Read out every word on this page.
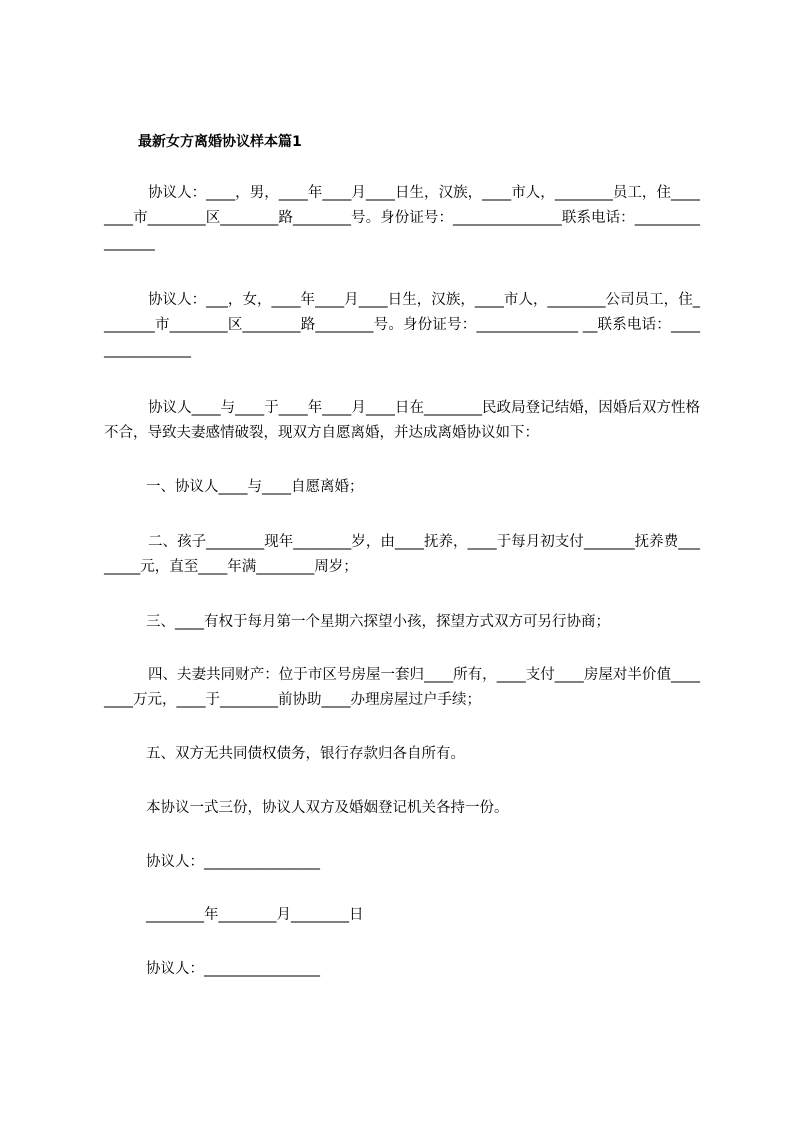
最新女方离婚协议样本篇1
协议人：____，男，____年____月____日生，汉族，____市人，________员工，住________市________区________路________号。身份证号：_______________联系电话：________________
协议人：___，女，____年____月____日生，汉族，____市人，________公司员工，住________市________区________路________号。身份证号：______________ __联系电话：________________
协议人____与____于____年____月____日在________民政局登记结婚，因婚后双方性格不合，导致夫妻感情破裂，现双方自愿离婚，并达成离婚协议如下：
一、协议人____与____自愿离婚；
二、孩子________现年________岁，由____抚养，____于每月初支付_______抚养费________元，直至____年满________周岁；
三、____有权于每月第一个星期六探望小孩，探望方式双方可另行协商；
四、夫妻共同财产：位于市区号房屋一套归____所有，____支付____房屋对半价值________万元，____于________前协助____办理房屋过户手续；
五、双方无共同债权债务，银行存款归各自所有。
本协议一式三份，协议人双方及婚姻登记机关各持一份。
协议人：________________
________年________月________日
协议人：________________
